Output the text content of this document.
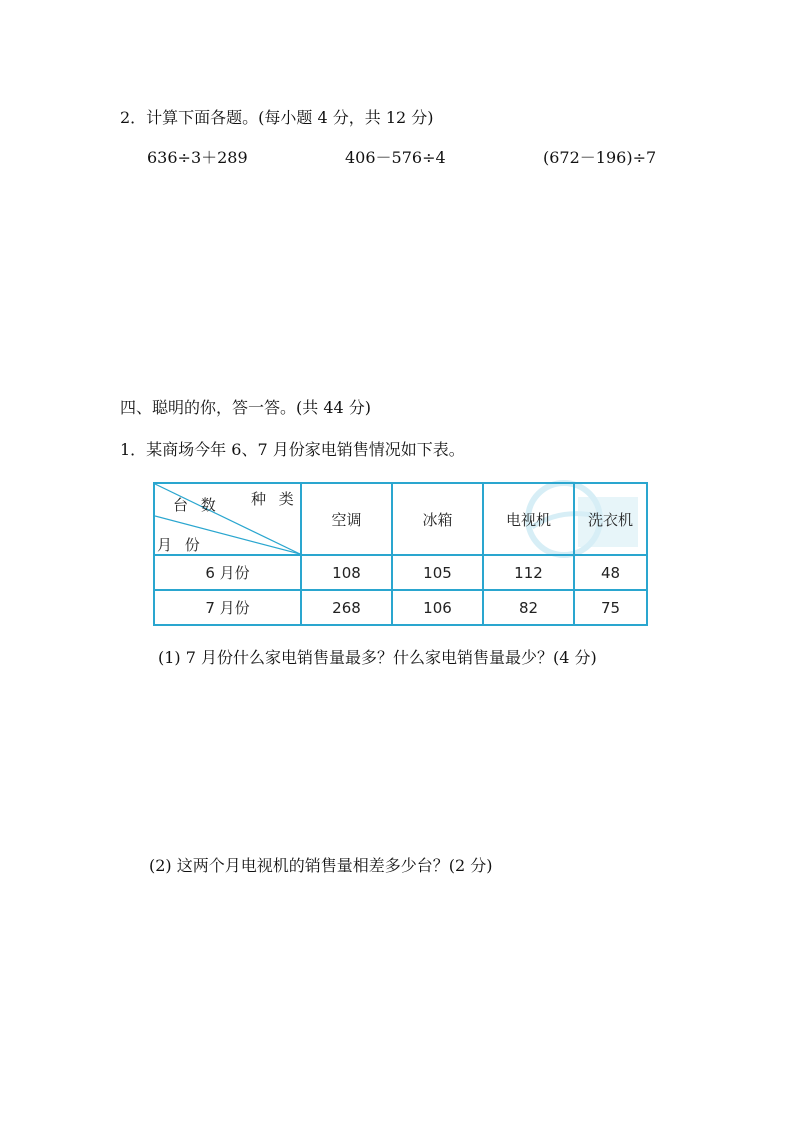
2．计算下面各题。(每小题 4 分，共 12 分)
636÷3＋289	406－576÷4	(672－196)÷7
四、聪明的你，答一答。(共 44 分)
1．某商场今年 6、7 月份家电销售情况如下表。
台 数 种 类
月 份	空调	冰箱	电视机	洗衣机
6 月份	108	105	112	48
7 月份	268	106	82	75
(1) 7 月份什么家电销售量最多？什么家电销售量最少？(4 分)
(2) 这两个月电视机的销售量相差多少台？(2 分)
